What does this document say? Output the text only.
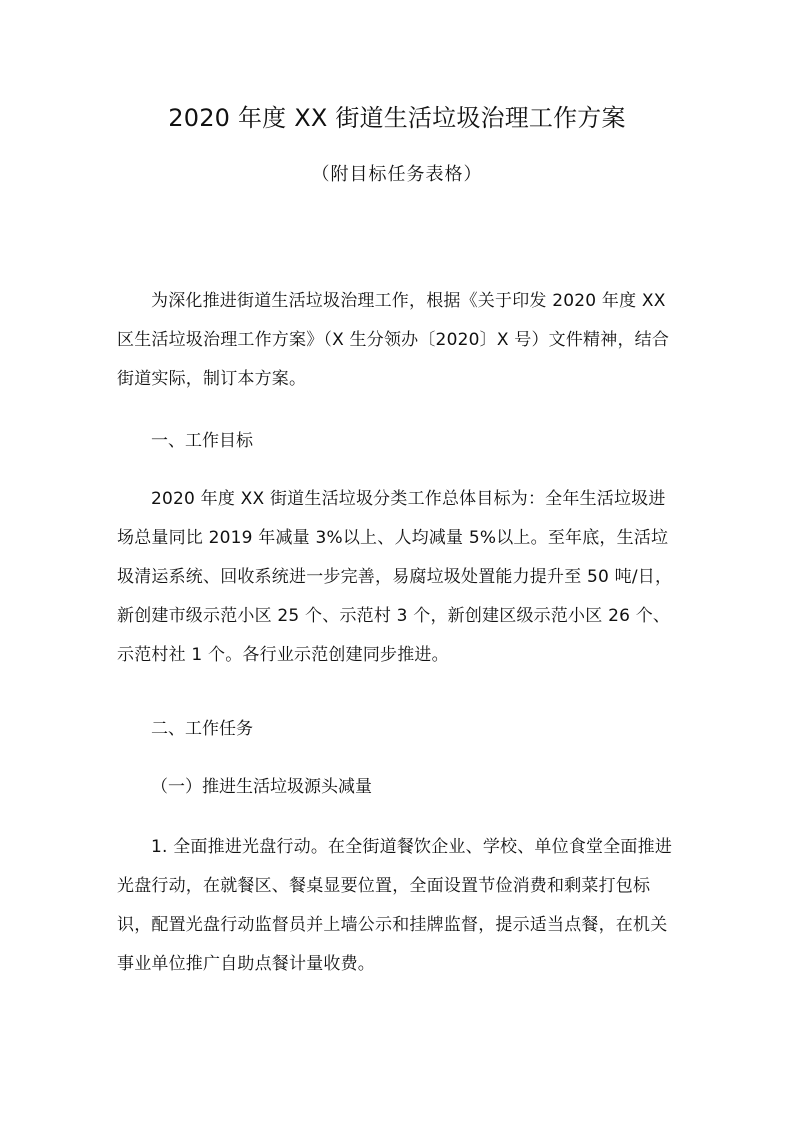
2020 年度 XX 街道生活垃圾治理工作方案
（附目标任务表格）

为深化推进街道生活垃圾治理工作，根据《关于印发 2020 年度 XX 区生活垃圾治理工作方案》（X 生分领办〔2020〕X 号）文件精神，结合街道实际，制订本方案。

一、工作目标

2020 年度 XX 街道生活垃圾分类工作总体目标为：全年生活垃圾进场总量同比 2019 年减量 3%以上、人均减量 5%以上。至年底，生活垃圾清运系统、回收系统进一步完善，易腐垃圾处置能力提升至 50 吨/日，新创建市级示范小区 25 个、示范村 3 个，新创建区级示范小区 26 个、示范村社 1 个。各行业示范创建同步推进。

二、工作任务
（一）推进生活垃圾源头减量

1. 全面推进光盘行动。在全街道餐饮企业、学校、单位食堂全面推进光盘行动，在就餐区、餐桌显要位置，全面设置节俭消费和剩菜打包标识，配置光盘行动监督员并上墙公示和挂牌监督，提示适当点餐，在机关事业单位推广自助点餐计量收费。
